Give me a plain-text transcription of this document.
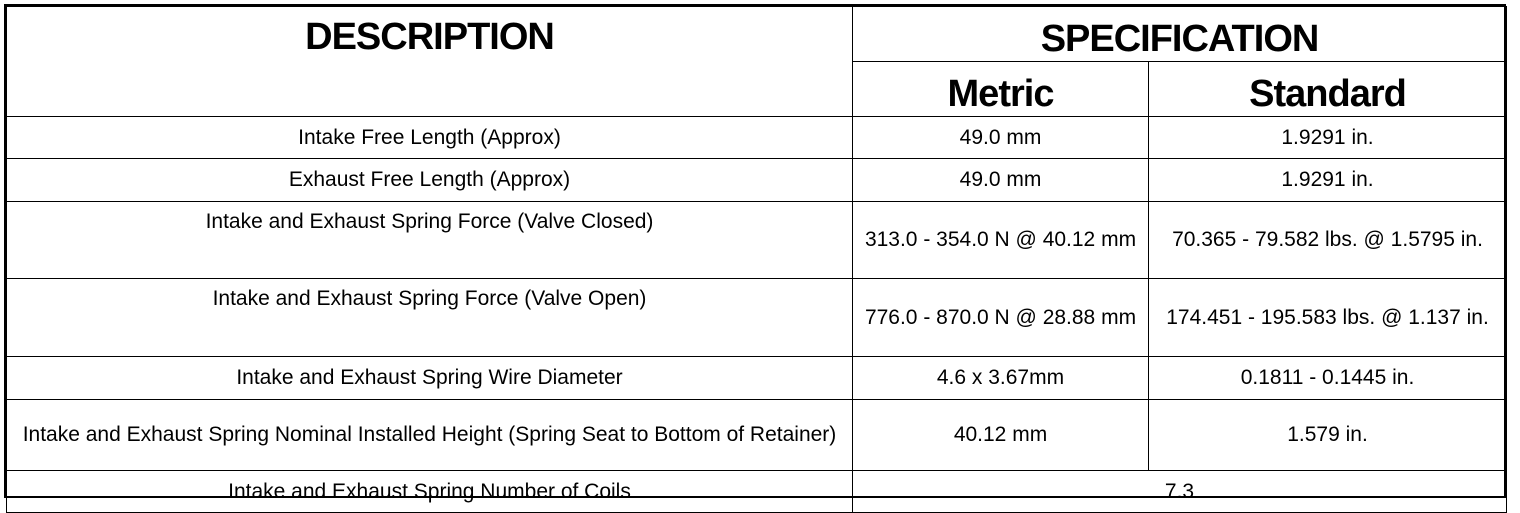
DESCRIPTION	SPECIFICATION	
	Metric	Standard
Intake Free Length (Approx)	49.0 mm	1.9291 in.
Exhaust Free Length (Approx)	49.0 mm	1.9291 in.
Intake and Exhaust Spring Force (Valve Closed)	313.0 - 354.0 N @ 40.12 mm	70.365 - 79.582 lbs. @ 1.5795 in.
Intake and Exhaust Spring Force (Valve Open)	776.0 - 870.0 N @ 28.88 mm	174.451 - 195.583 lbs. @ 1.137 in.
Intake and Exhaust Spring Wire Diameter	4.6 x 3.67mm	0.1811 - 0.1445 in.
Intake and Exhaust Spring Nominal Installed Height (Spring Seat to Bottom of Retainer)	40.12 mm	1.579 in.
Intake and Exhaust Spring Number of Coils	7.3	
